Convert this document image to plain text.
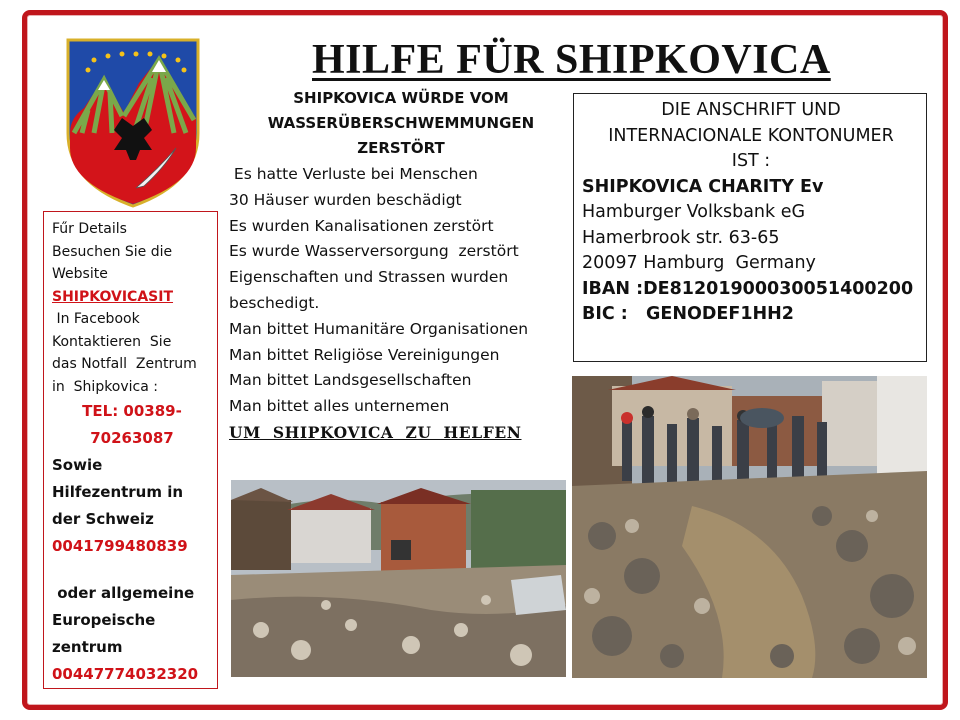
HILFE FÜR SHIPKOVICA
SHIPKOVICA WÜRDE VOM
WASSERÜBERSCHWEMMUNGEN
ZERSTÖRT
Es hatte Verluste bei Menschen
30 Häuser wurden beschädigt
Es wurden Kanalisationen zerstört
Es wurde Wasserversorgung  zerstört
Eigenschaften und Strassen wurden
beschedigt.
Man bittet Humanitäre Organisationen
Man bittet Religiöse Vereinigungen
Man bittet Landsgesellschaften
Man bittet alles unternemen
UM  SHIPKOVICA  ZU  HELFEN
Fűr Details
Besuchen Sie die
Website
SHIPKOVICASIT
In Facebook
Kontaktieren  Sie
das Notfall  Zentrum
in  Shipkovica :
TEL: 00389-
70263087
Sowie
Hilfezentrum in
der Schweiz
0041799480839
oder allgemeine
Europeische
zentrum
00447774032320
DIE ANSCHRIFT UND
INTERNACIONALE KONTONUMER
IST :
SHIPKOVICA CHARITY Ev
Hamburger Volksbank eG
Hamerbrook str. 63-65
20097 Hamburg  Germany
IBAN :DE81201900030051400200
BIC :   GENODEF1HH2
